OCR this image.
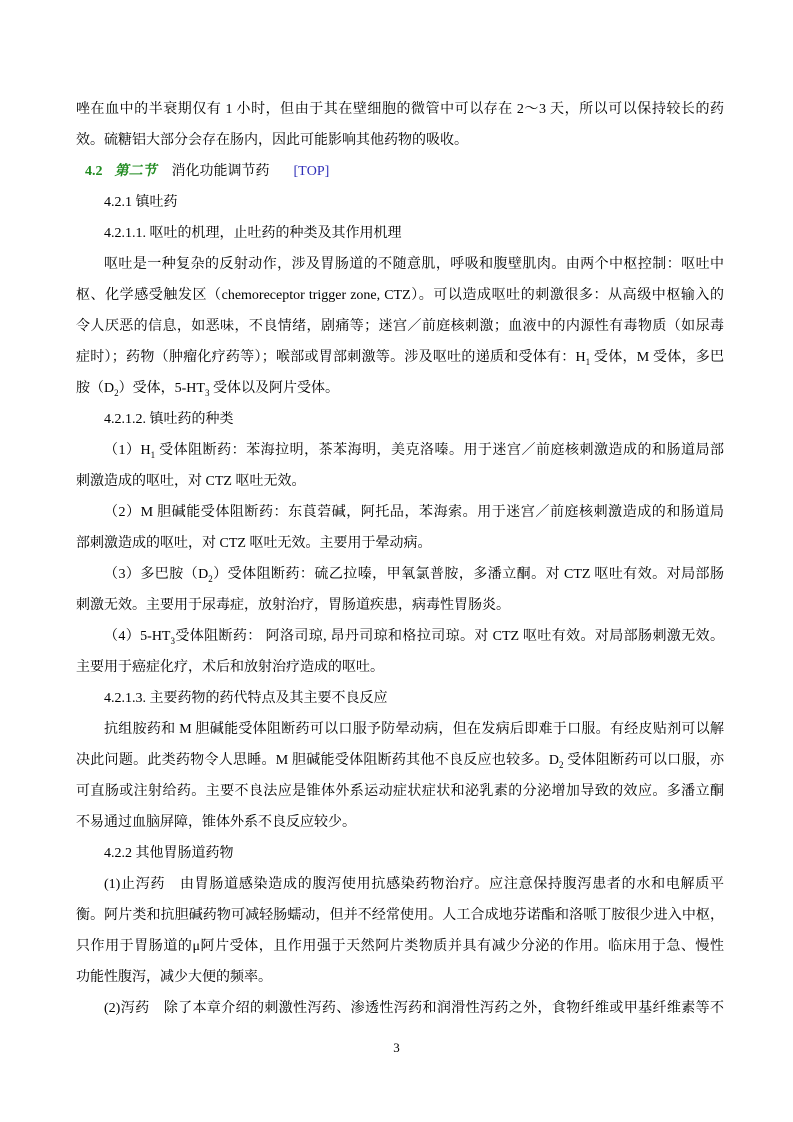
唑在血中的半衰期仅有 1 小时，但由于其在壁细胞的微管中可以存在 2～3 天，所以可以保持较长的药
效。硫糖铝大部分会存在肠内，因此可能影响其他药物的吸收。
4.2 第二节 消化功能调节药 [TOP]
4.2.1 镇吐药
4.2.1.1. 呕吐的机理，止吐药的种类及其作用机理
呕吐是一种复杂的反射动作，涉及胃肠道的不随意肌，呼吸和腹壁肌肉。由两个中枢控制：呕吐中
枢、化学感受触发区（chemoreceptor trigger zone, CTZ）。可以造成呕吐的刺激很多：从高级中枢输入的
令人厌恶的信息，如恶味，不良情绪，剧痛等；迷宫／前庭核刺激；血液中的内源性有毒物质（如尿毒
症时）；药物（肿瘤化疗药等）；喉部或胃部刺激等。涉及呕吐的递质和受体有：$H_1$ 受体，M 受体，多巴
胺$(D_2)$受体，$5-HT_3$ 受体以及阿片受体。
4.2.1.2. 镇吐药的种类
$(1)H_1$ 受体阻断药：苯海拉明，茶苯海明，美克洛嗪。用于迷宫／前庭核刺激造成的和肠道局部
刺激造成的呕吐，对 CTZ 呕吐无效。
（2）M 胆碱能受体阻断药：东莨菪碱，阿托品，苯海索。用于迷宫／前庭核刺激造成的和肠道局
部刺激造成的呕吐，对 CTZ 呕吐无效。主要用于晕动病。
（3）多巴胺$(D_2)$受体阻断药：硫乙拉嗪，甲氧氯普胺，多潘立酮。对 CTZ 呕吐有效。对局部肠
刺激无效。主要用于尿毒症，放射治疗，胃肠道疾患，病毒性胃肠炎。
$(4)5-HT_3$受体阻断药： 阿洛司琼, 昂丹司琼和格拉司琼。对 CTZ 呕吐有效。对局部肠刺激无效。
主要用于癌症化疗，术后和放射治疗造成的呕吐。
4.2.1.3. 主要药物的药代特点及其主要不良反应
抗组胺药和 M 胆碱能受体阻断药可以口服予防晕动病，但在发病后即难于口服。有经皮贴剂可以解
决此问题。此类药物令人思睡。M 胆碱能受体阻断药其他不良反应也较多。$D_2$ 受体阻断药可以口服，亦
可直肠或注射给药。主要不良法应是锥体外系运动症状症状和泌乳素的分泌增加导致的效应。多潘立酮
不易通过血脑屏障，锥体外系不良反应较少。
4.2.2 其他胃肠道药物
(1)止泻药　由胃肠道感染造成的腹泻使用抗感染药物治疗。应注意保持腹泻患者的水和电解质平
衡。阿片类和抗胆碱药物可减轻肠蠕动，但并不经常使用。人工合成地芬诺酯和洛哌丁胺很少进入中枢，
只作用于胃肠道的μ阿片受体，且作用强于天然阿片类物质并具有减少分泌的作用。临床用于急、慢性
功能性腹泻，减少大便的频率。
(2)泻药　除了本章介绍的刺激性泻药、渗透性泻药和润滑性泻药之外，食物纤维或甲基纤维素等不
3
